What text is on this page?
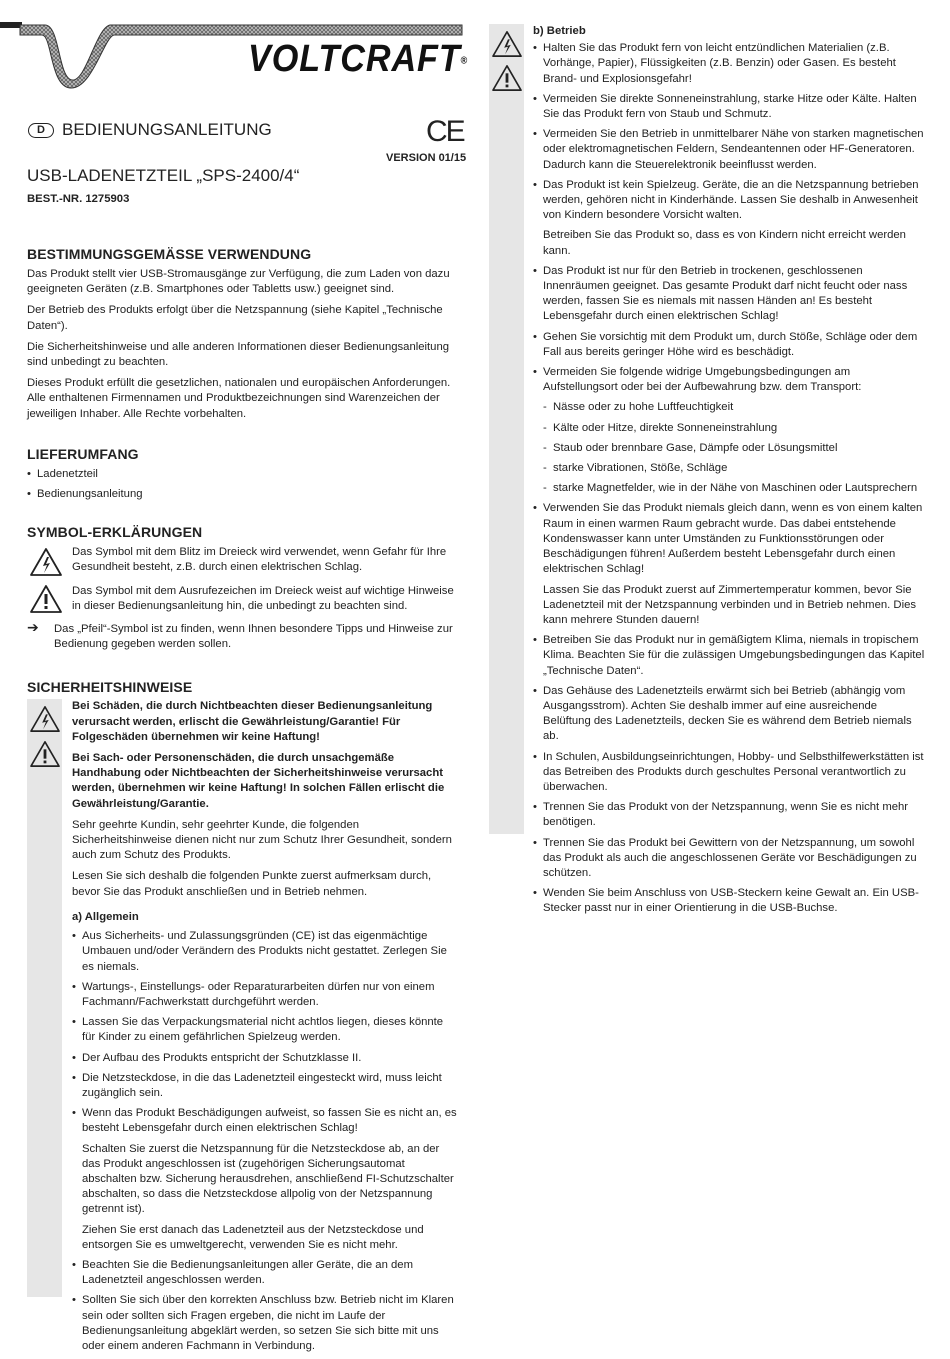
VOLTCRAFT®
D	BEDIENUNGSANLEITUNG	CE
VERSION 01/15
USB-LADENETZTEIL „SPS-2400/4“
BEST.-NR. 1275903
BESTIMMUNGSGEMÄSSE VERWENDUNG

Das Produkt stellt vier USB-Stromausgänge zur Verfügung, die zum Laden von dazu geeigneten Geräten (z.B. Smartphones oder Tabletts usw.) geeignet sind.

Der Betrieb des Produkts erfolgt über die Netzspannung (siehe Kapitel „Technische Daten“).

Die Sicherheitshinweise und alle anderen Informationen dieser Bedienungsanleitung sind unbedingt zu beachten.

Dieses Produkt erfüllt die gesetzlichen, nationalen und europäischen Anforderungen. Alle enthaltenen Firmennamen und Produktbezeichnungen sind Warenzeichen der jeweiligen Inhaber. Alle Rechte vorbehalten.

LIEFERUMFANG
• Ladenetzteil
• Bedienungsanleitung
SYMBOL-ERKLÄRUNGEN

Das Symbol mit dem Blitz im Dreieck wird verwendet, wenn Gefahr für Ihre Gesundheit besteht, z.B. durch einen elektrischen Schlag.

Das Symbol mit dem Ausrufezeichen im Dreieck weist auf wichtige Hinweise in dieser Bedienungsanleitung hin, die unbedingt zu beachten sind.

➔ Das „Pfeil“-Symbol ist zu finden, wenn Ihnen besondere Tipps und Hinweise zur Bedienung gegeben werden sollen.

SICHERHEITSHINWEISE

Bei Schäden, die durch Nichtbeachten dieser Bedienungsanleitung verursacht werden, erlischt die Gewährleistung/Garantie! Für Folgeschäden übernehmen wir keine Haftung!

Bei Sach- oder Personenschäden, die durch unsachgemäße Handhabung oder Nichtbeachten der Sicherheitshinweise verursacht werden, übernehmen wir keine Haftung! In solchen Fällen erlischt die Gewährleistung/Garantie.

Sehr geehrte Kundin, sehr geehrter Kunde, die folgenden Sicherheitshinweise dienen nicht nur zum Schutz Ihrer Gesundheit, sondern auch zum Schutz des Produkts.

Lesen Sie sich deshalb die folgenden Punkte zuerst aufmerksam durch, bevor Sie das Produkt anschließen und in Betrieb nehmen.

a) Allgemein
• Aus Sicherheits- und Zulassungsgründen (CE) ist das eigenmächtige Umbauen und/oder Verändern des Produkts nicht gestattet. Zerlegen Sie es niemals.
• Wartungs-, Einstellungs- oder Reparaturarbeiten dürfen nur von einem Fachmann/Fachwerkstatt durchgeführt werden.
• Lassen Sie das Verpackungsmaterial nicht achtlos liegen, dieses könnte für Kinder zu einem gefährlichen Spielzeug werden.
• Der Aufbau des Produkts entspricht der Schutzklasse II.
• Die Netzsteckdose, in die das Ladenetzteil eingesteckt wird, muss leicht zugänglich sein.
• Wenn das Produkt Beschädigungen aufweist, so fassen Sie es nicht an, es besteht Lebensgefahr durch einen elektrischen Schlag!

Schalten Sie zuerst die Netzspannung für die Netzsteckdose ab, an der das Produkt angeschlossen ist (zugehörigen Sicherungsautomat abschalten bzw. Sicherung herausdrehen, anschließend FI-Schutzschalter abschalten, so dass die Netzsteckdose allpolig von der Netzspannung getrennt ist).

Ziehen Sie erst danach das Ladenetzteil aus der Netzsteckdose und entsorgen Sie es umweltgerecht, verwenden Sie es nicht mehr.

• Beachten Sie die Bedienungsanleitungen aller Geräte, die an dem Ladenetzteil angeschlossen werden.
• Sollten Sie sich über den korrekten Anschluss bzw. Betrieb nicht im Klaren sein oder sollten sich Fragen ergeben, die nicht im Laufe der Bedienungsanleitung abgeklärt werden, so setzen Sie sich bitte mit uns oder einem anderen Fachmann in Verbindung.
b) Betrieb
• Halten Sie das Produkt fern von leicht entzündlichen Materialien (z.B. Vorhänge, Papier), Flüssigkeiten (z.B. Benzin) oder Gasen. Es besteht Brand- und Explosionsgefahr!
• Vermeiden Sie direkte Sonneneinstrahlung, starke Hitze oder Kälte. Halten Sie das Produkt fern von Staub und Schmutz.
• Vermeiden Sie den Betrieb in unmittelbarer Nähe von starken magnetischen oder elektromagnetischen Feldern, Sendeantennen oder HF-Generatoren. Dadurch kann die Steuerelektronik beeinflusst werden.
• Das Produkt ist kein Spielzeug. Geräte, die an die Netzspannung betrieben werden, gehören nicht in Kinderhände. Lassen Sie deshalb in Anwesenheit von Kindern besondere Vorsicht walten.

Betreiben Sie das Produkt so, dass es von Kindern nicht erreicht werden kann.

• Das Produkt ist nur für den Betrieb in trockenen, geschlossenen Innenräumen geeignet. Das gesamte Produkt darf nicht feucht oder nass werden, fassen Sie es niemals mit nassen Händen an! Es besteht Lebensgefahr durch einen elektrischen Schlag!
• Gehen Sie vorsichtig mit dem Produkt um, durch Stöße, Schläge oder dem Fall aus bereits geringer Höhe wird es beschädigt.
• Vermeiden Sie folgende widrige Umgebungsbedingungen am Aufstellungsort oder bei der Aufbewahrung bzw. dem Transport:
- Nässe oder zu hohe Luftfeuchtigkeit
- Kälte oder Hitze, direkte Sonneneinstrahlung
- Staub oder brennbare Gase, Dämpfe oder Lösungsmittel
- starke Vibrationen, Stöße, Schläge
- starke Magnetfelder, wie in der Nähe von Maschinen oder Lautsprechern
• Verwenden Sie das Produkt niemals gleich dann, wenn es von einem kalten Raum in einen warmen Raum gebracht wurde. Das dabei entstehende Kondenswasser kann unter Umständen zu Funktionsstörungen oder Beschädigungen führen! Außerdem besteht Lebensgefahr durch einen elektrischen Schlag!

Lassen Sie das Produkt zuerst auf Zimmertemperatur kommen, bevor Sie Ladenetzteil mit der Netzspannung verbinden und in Betrieb nehmen. Dies kann mehrere Stunden dauern!

• Betreiben Sie das Produkt nur in gemäßigtem Klima, niemals in tropischem Klima. Beachten Sie für die zulässigen Umgebungsbedingungen das Kapitel „Technische Daten“.
• Das Gehäuse des Ladenetzteils erwärmt sich bei Betrieb (abhängig vom Ausgangsstrom). Achten Sie deshalb immer auf eine ausreichende Belüftung des Ladenetzteils, decken Sie es während dem Betrieb niemals ab.
• In Schulen, Ausbildungseinrichtungen, Hobby- und Selbsthilfewerkstätten ist das Betreiben des Produkts durch geschultes Personal verantwortlich zu überwachen.
• Trennen Sie das Produkt von der Netzspannung, wenn Sie es nicht mehr benötigen.
• Trennen Sie das Produkt bei Gewittern von der Netzspannung, um sowohl das Produkt als auch die angeschlossenen Geräte vor Beschädigungen zu schützen.
• Wenden Sie beim Anschluss von USB-Steckern keine Gewalt an. Ein USB-Stecker passt nur in einer Orientierung in die USB-Buchse.
